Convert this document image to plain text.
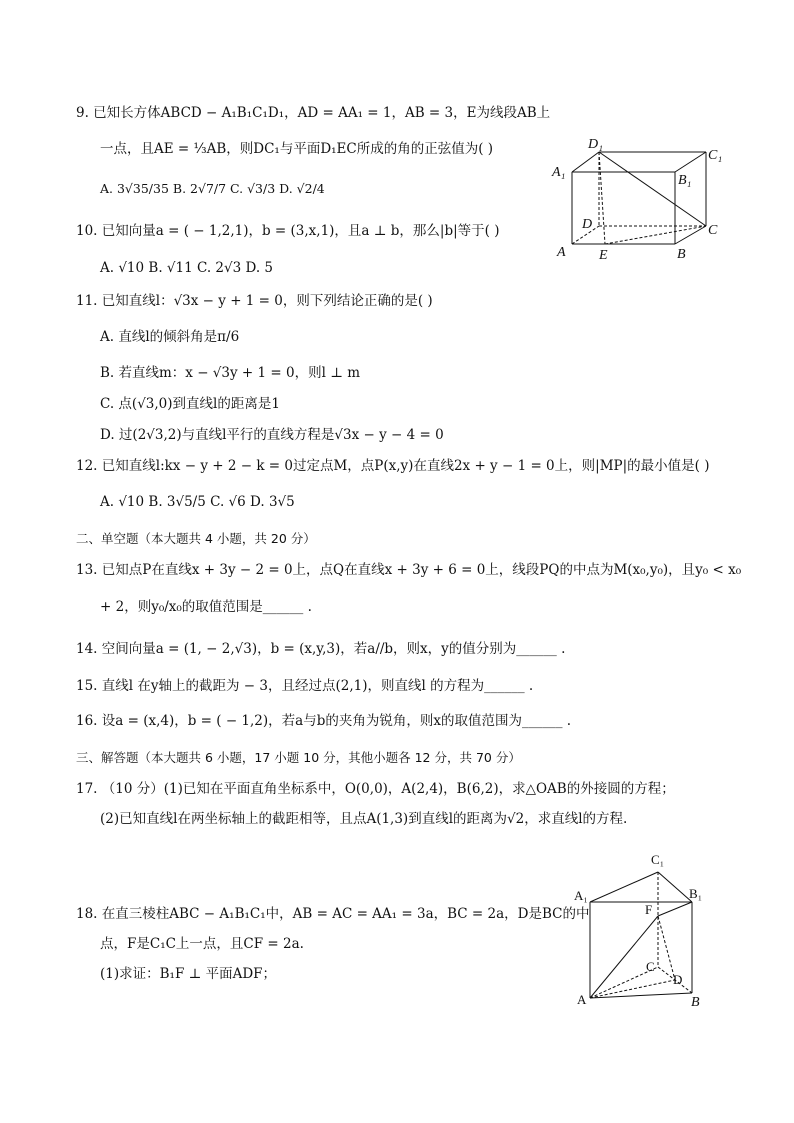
9. 已知长方体ABCD − A₁B₁C₁D₁，AD = AA₁ = 1，AB = 3，E为线段AB上
一点，且AE = ⅓AB，则DC₁与平面D₁EC所成的角的正弦值为( )
A. 3√35/35 B. 2√7/7 C. √3/3 D. √2/4
D₁
C₁
A₁
B₁
D	C
A E	B
10. 已知向量a = ( − 1,2,1)，b = (3,x,1)，且a ⊥ b，那么|b|等于( )
A. √10 B. √11 C. 2√3 D. 5
11. 已知直线l：√3x − y + 1 = 0，则下列结论正确的是( )
A. 直线l的倾斜角是π/6
B. 若直线m：x − √3y + 1 = 0，则l ⊥ m
C. 点(√3,0)到直线l的距离是1
D. 过(2√3,2)与直线l平行的直线方程是√3x − y − 4 = 0
12. 已知直线l:kx − y + 2 − k = 0过定点M，点P(x,y)在直线2x + y − 1 = 0上，则|MP|的最小值是( )
A. √10 B. 3√5/5 C. √6 D. 3√5
二、单空题（本大题共 4 小题，共 20 分）
13. 已知点P在直线x + 3y − 2 = 0上，点Q在直线x + 3y + 6 = 0上，线段PQ的中点为M(x₀,y₀)，且y₀ < x₀
+ 2，则y₀/x₀的取值范围是______ .
14. 空间向量a = (1, − 2,√3)，b = (x,y,3)，若a//b，则x，y的值分别为______ .
15. 直线l 在y轴上的截距为 − 3，且经过点(2,1)，则直线l 的方程为______ .
16. 设a = (x,4)，b = ( − 1,2)，若a与b的夹角为锐角，则x的取值范围为______ .
三、解答题（本大题共 6 小题，17 小题 10 分，其他小题各 12 分，共 70 分）
17. （10 分）(1)已知在平面直角坐标系中，O(0,0)，A(2,4)，B(6,2)，求△OAB的外接圆的方程；
(2)已知直线l在两坐标轴上的截距相等，且点A(1,3)到直线l的距离为√2，求直线l的方程.
18. 在直三棱柱ABC − A₁B₁C₁中，AB = AC = AA₁ = 3a，BC = 2a，D是BC的中
点，F是C₁C上一点，且CF = 2a.
(1)求证：B₁F ⊥ 平面ADF；
C₁
A₁	B₁
F
C
D
A	B
